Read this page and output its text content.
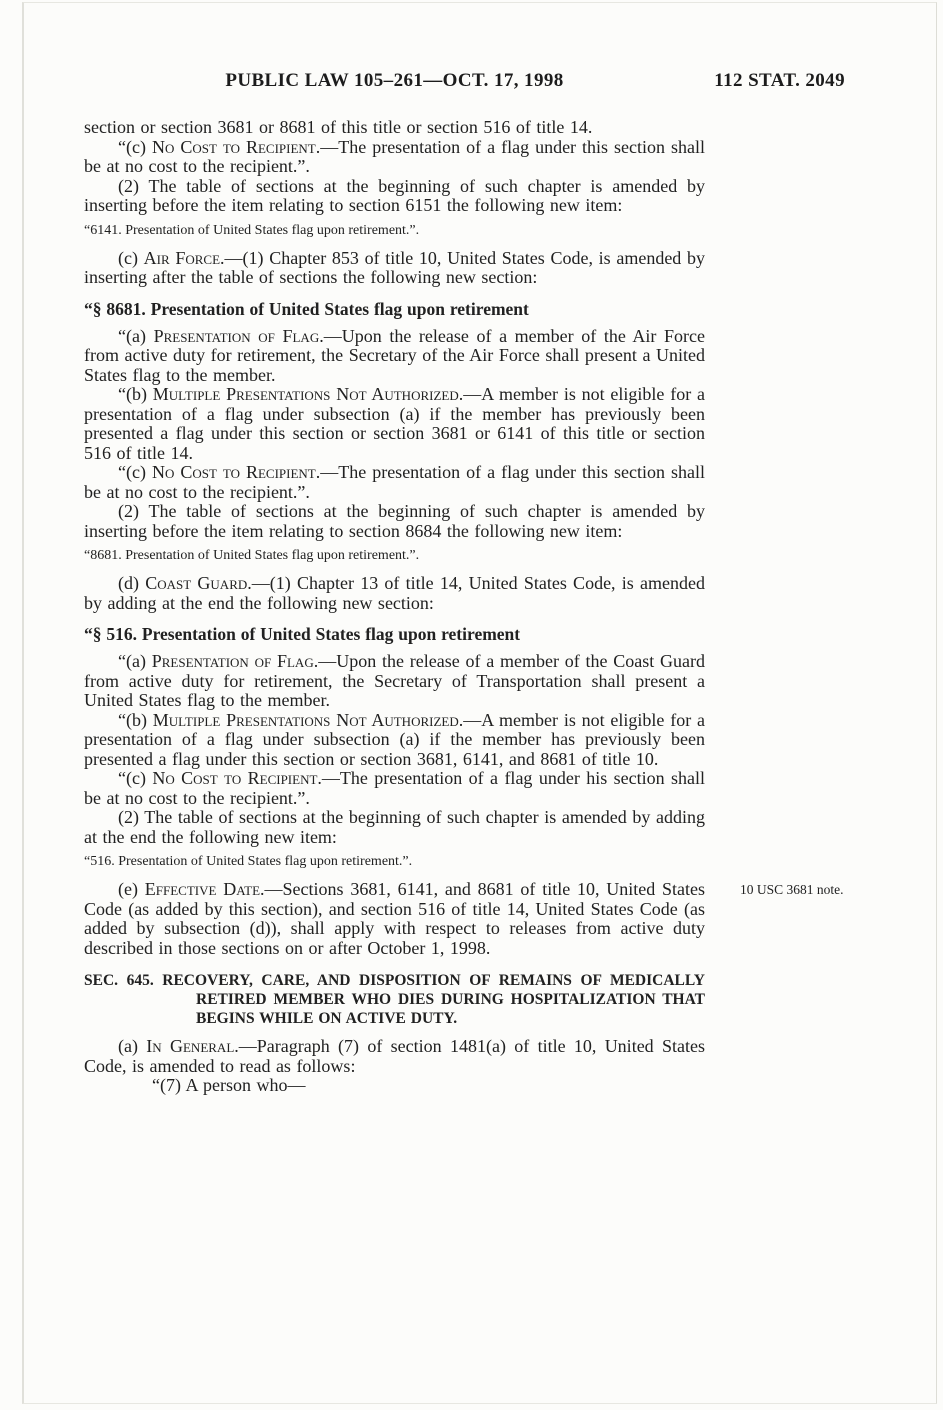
PUBLIC LAW 105–261—OCT. 17, 1998	112 STAT. 2049

section or section 3681 or 8681 of this title or section 516 of title 14.

“(c) No Cost to Recipient.—The presentation of a flag under this section shall be at no cost to the recipient.”.

(2) The table of sections at the beginning of such chapter is amended by inserting before the item relating to section 6151 the following new item:

“6141. Presentation of United States flag upon retirement.”.

(c) Air Force.—(1) Chapter 853 of title 10, United States Code, is amended by inserting after the table of sections the following new section:

“§ 8681. Presentation of United States flag upon retirement

“(a) Presentation of Flag.—Upon the release of a member of the Air Force from active duty for retirement, the Secretary of the Air Force shall present a United States flag to the member.

“(b) Multiple Presentations Not Authorized.—A member is not eligible for a presentation of a flag under subsection (a) if the member has previously been presented a flag under this section or section 3681 or 6141 of this title or section 516 of title 14.

“(c) No Cost to Recipient.—The presentation of a flag under this section shall be at no cost to the recipient.”.

(2) The table of sections at the beginning of such chapter is amended by inserting before the item relating to section 8684 the following new item:

“8681. Presentation of United States flag upon retirement.”.

(d) Coast Guard.—(1) Chapter 13 of title 14, United States Code, is amended by adding at the end the following new section:

“§ 516. Presentation of United States flag upon retirement

“(a) Presentation of Flag.—Upon the release of a member of the Coast Guard from active duty for retirement, the Secretary of Transportation shall present a United States flag to the member.

“(b) Multiple Presentations Not Authorized.—A member is not eligible for a presentation of a flag under subsection (a) if the member has previously been presented a flag under this section or section 3681, 6141, and 8681 of title 10.

“(c) No Cost to Recipient.—The presentation of a flag under his section shall be at no cost to the recipient.”.

(2) The table of sections at the beginning of such chapter is amended by adding at the end the following new item:

“516. Presentation of United States flag upon retirement.”.

10 USC 3681 note.
(e) Effective Date.—Sections 3681, 6141, and 8681 of title 10, United States Code (as added by this section), and section 516 of title 14, United States Code (as added by subsection (d)), shall apply with respect to releases from active duty described in those sections on or after October 1, 1998.

SEC. 645. RECOVERY, CARE, AND DISPOSITION OF REMAINS OF MEDICALLY RETIRED MEMBER WHO DIES DURING HOSPITALIZATION THAT BEGINS WHILE ON ACTIVE DUTY.

(a) In General.—Paragraph (7) of section 1481(a) of title 10, United States Code, is amended to read as follows:

“(7) A person who—
